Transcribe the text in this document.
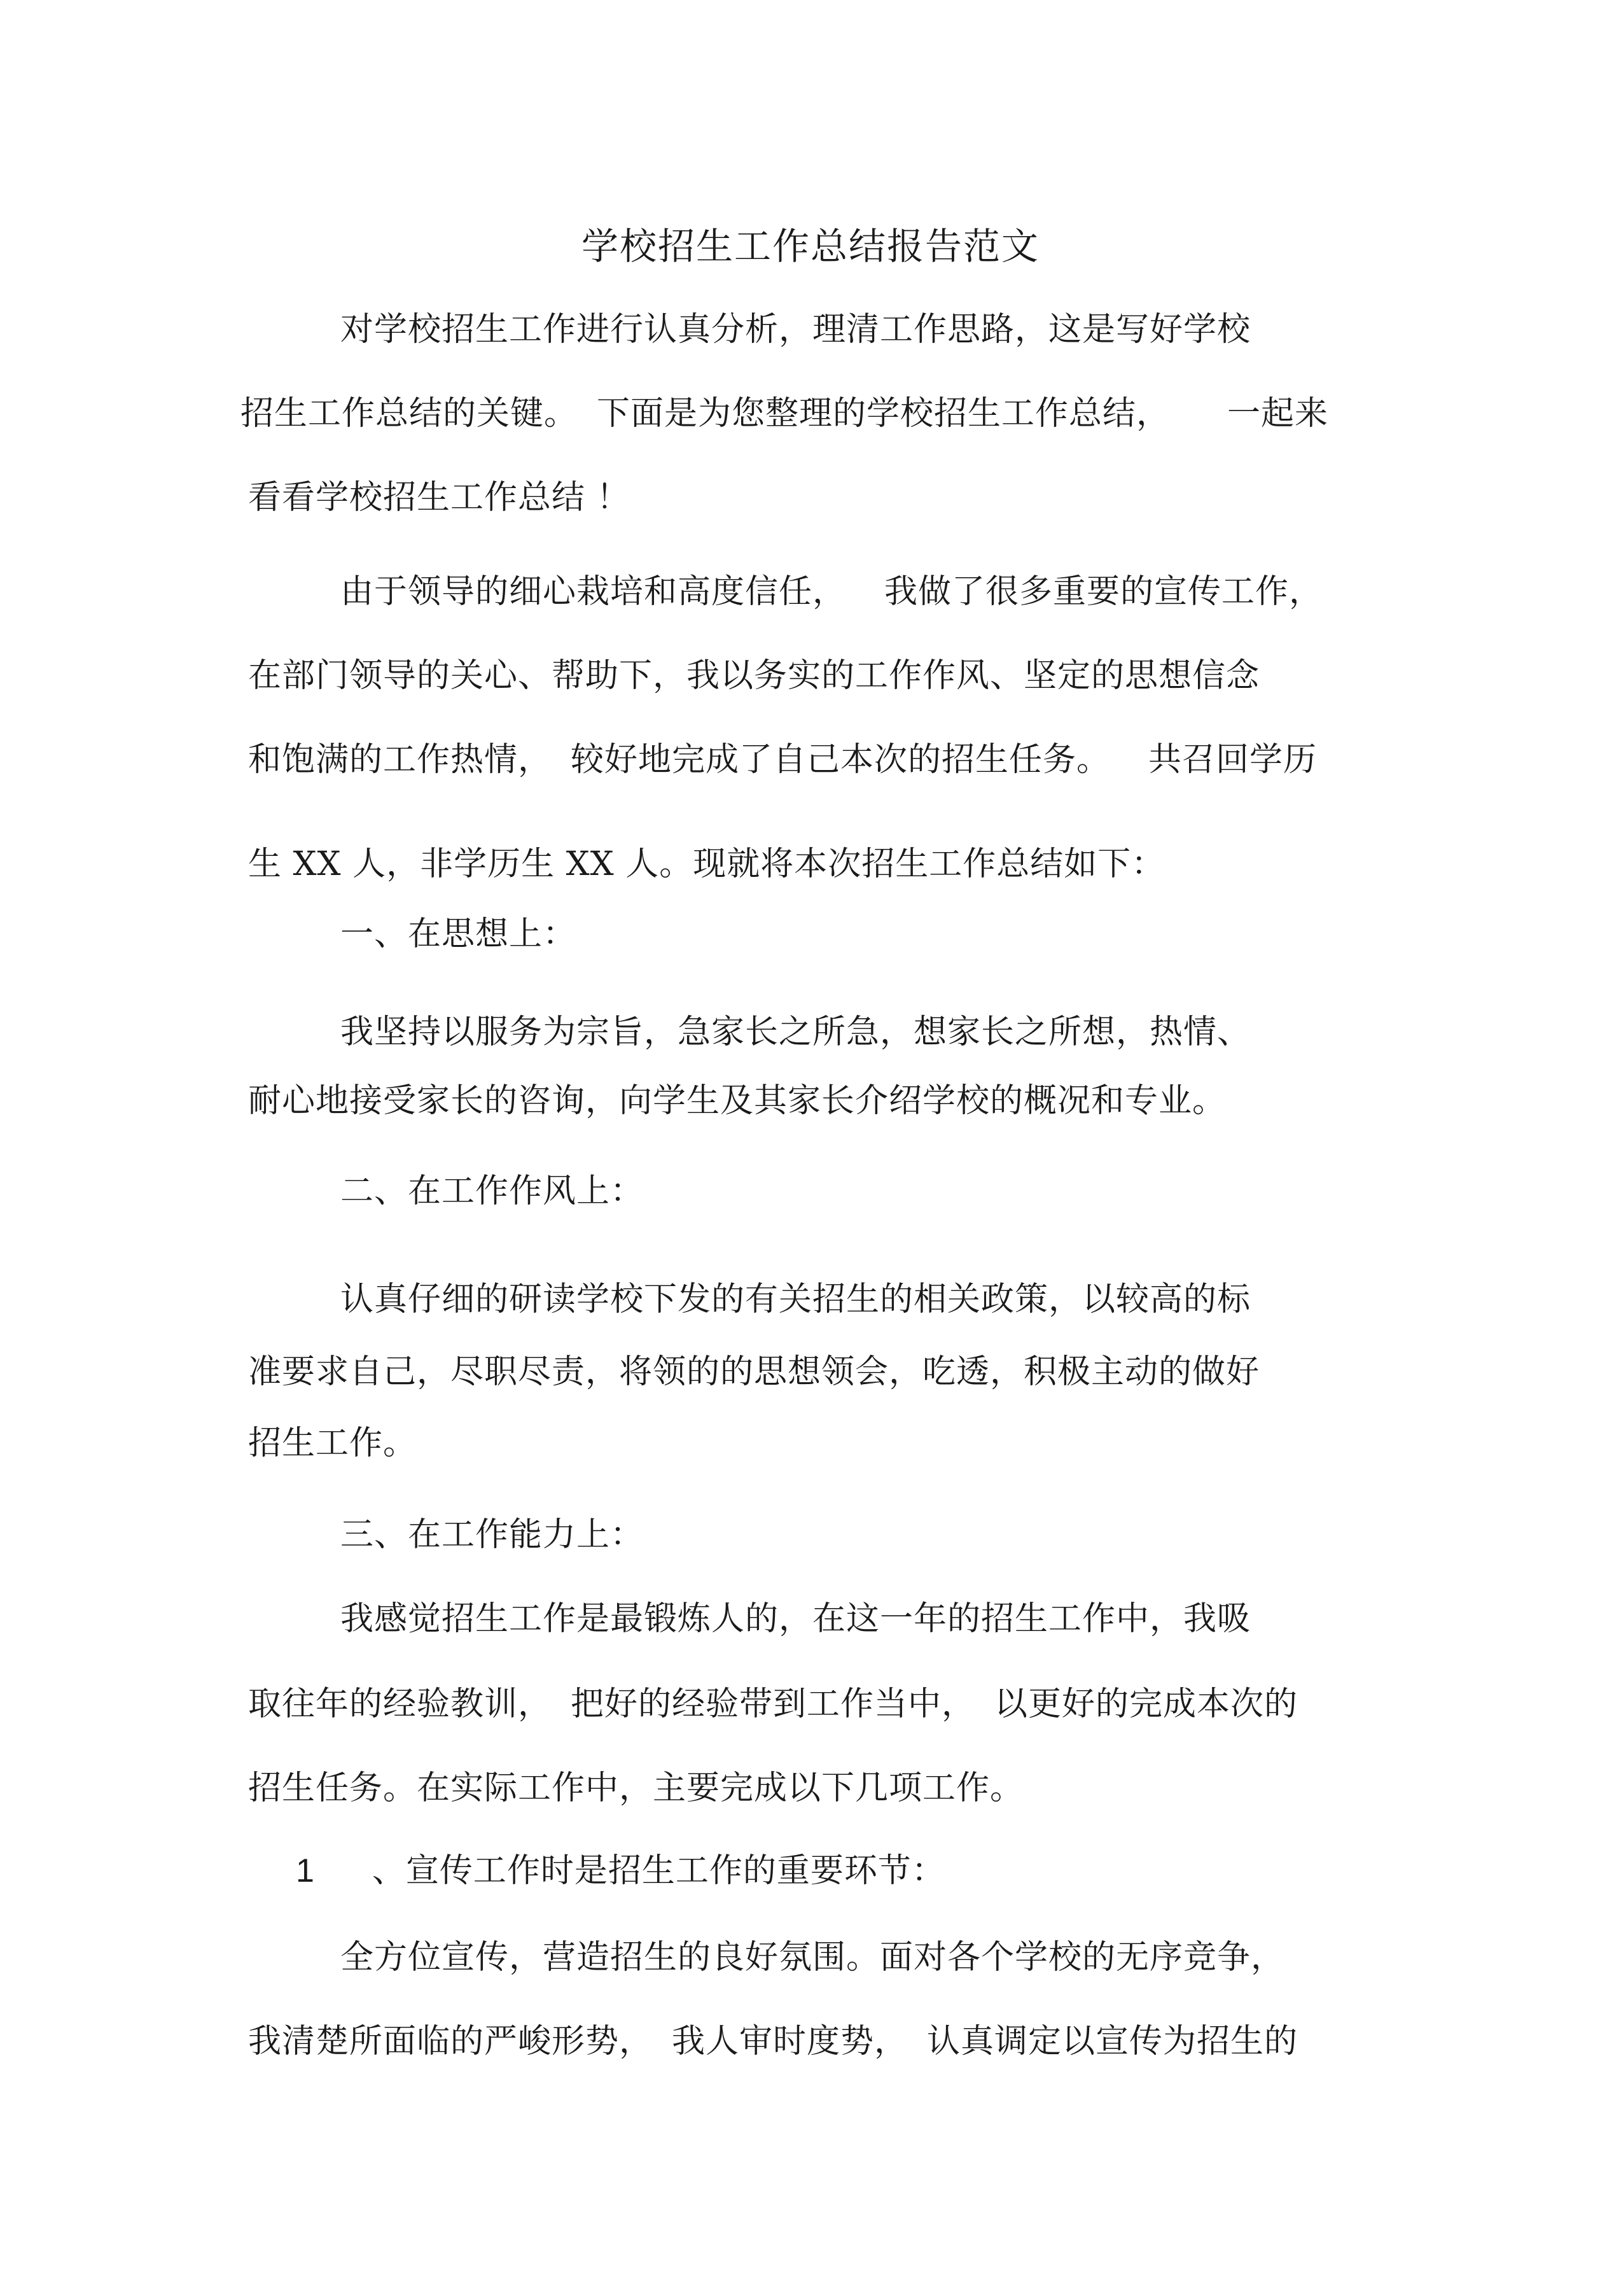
学校招生工作总结报告范文
对学校招生工作进行认真分析，理清工作思路，这是写好学校
招生工作总结的关键。 下面是为您整理的学校招生工作总结， 一起来
看看学校招生工作总结 ！
由于领导的细心栽培和高度信任， 我做了很多重要的宣传工作，
在部门领导的关心、帮助下，我以务实的工作作风、坚定的思想信念
和饱满的工作热情， 较好地完成了自己本次的招生任务。 共召回学历
生 XX 人，非学历生 XX 人。现就将本次招生工作总结如下：
一、在思想上：
我坚持以服务为宗旨，急家长之所急，想家长之所想，热情、
耐心地接受家长的咨询，向学生及其家长介绍学校的概况和专业。
二、在工作作风上：
认真仔细的研读学校下发的有关招生的相关政策，以较高的标
准要求自己，尽职尽责，将领的的思想领会，吃透，积极主动的做好
招生工作。
三、在工作能力上：
我感觉招生工作是最锻炼人的，在这一年的招生工作中，我吸
取往年的经验教训， 把好的经验带到工作当中， 以更好的完成本次的
招生任务。在实际工作中，主要完成以下几项工作。
1 、宣传工作时是招生工作的重要环节：
全方位宣传，营造招生的良好氛围。面对各个学校的无序竞争，
我清楚所面临的严峻形势， 我人审时度势， 认真调定以宣传为招生的
